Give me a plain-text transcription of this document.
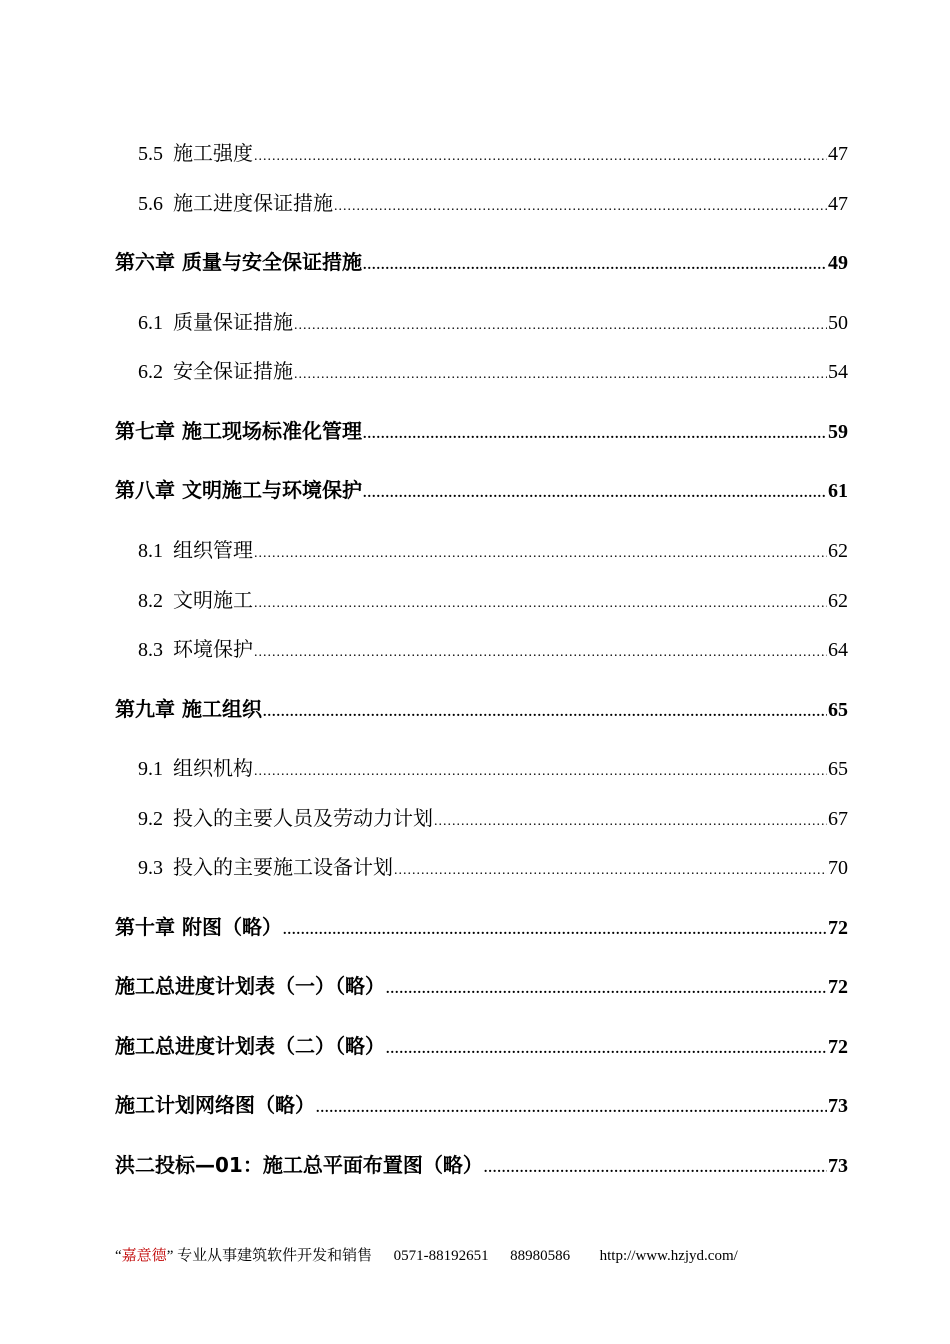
5.5 施工强度 .....	47
5.6 施工进度保证措施 .....	47
第六章 质量与安全保证措施 .....	49
6.1 质量保证措施 .....	50
6.2 安全保证措施 .....	54
第七章 施工现场标准化管理 .....	59
第八章 文明施工与环境保护 .....	61
8.1 组织管理 .....	62
8.2 文明施工 .....	62
8.3 环境保护 .....	64
第九章 施工组织 .....	65
9.1 组织机构 .....	65
9.2 投入的主要人员及劳动力计划 .....	67
9.3 投入的主要施工设备计划 .....	70
第十章 附图（略） .....	72
施工总进度计划表（一）（略） .....	72
施工总进度计划表（二）（略） .....	72
施工计划网络图（略） .....	73
洪二投标—01：施工总平面布置图（略） .....	73
“嘉意德” 专业从事建筑软件开发和销售 0571-88192651 88980586 http://www.hzjyd.com/
